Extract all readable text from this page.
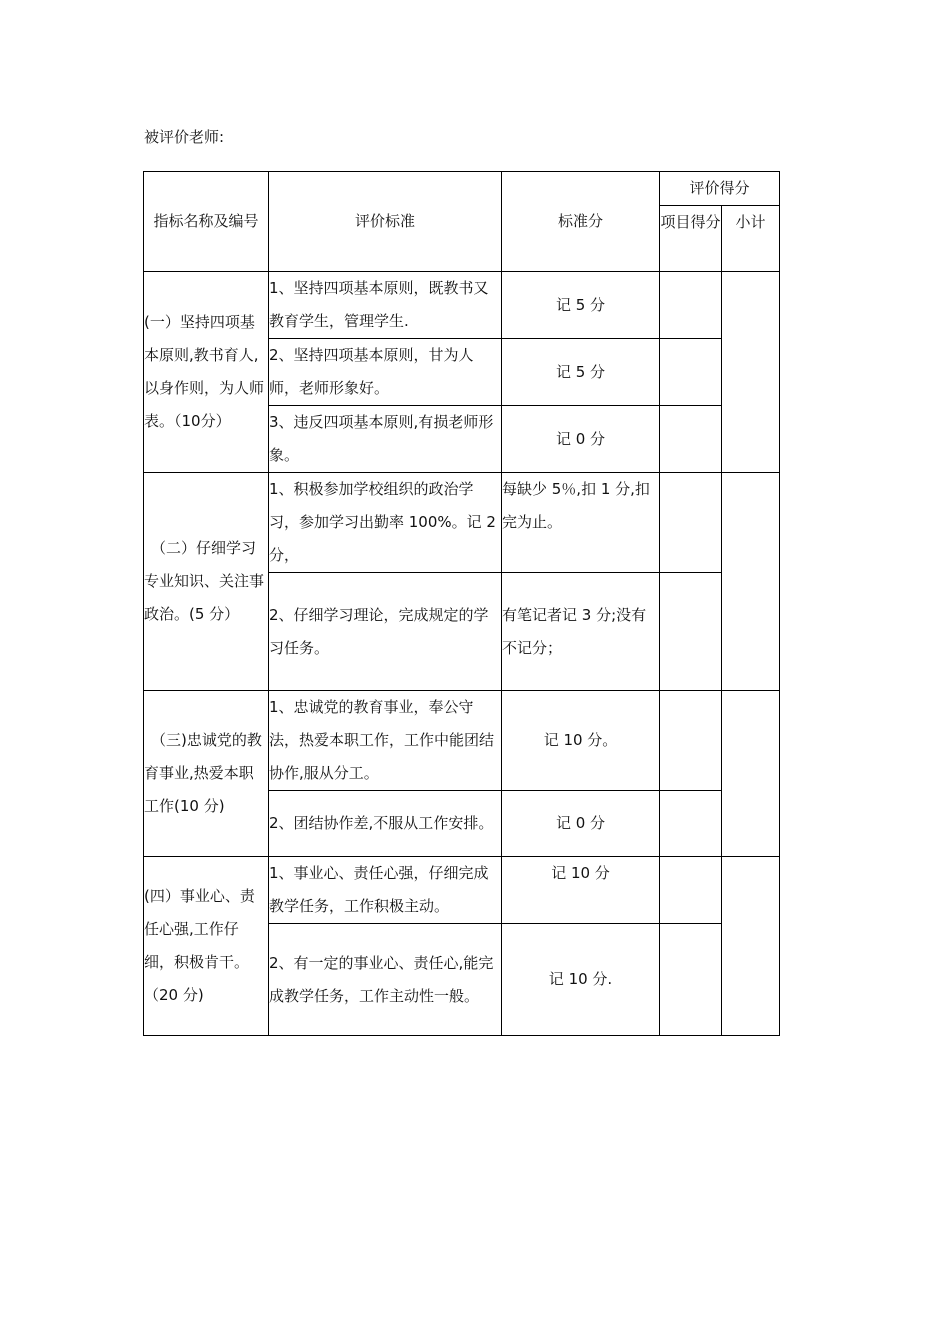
被评价老师:
指标名称及编号	评价标准	标准分	评价得分	
			项目得分	小计
(一）坚持四项基本原则,教书育人,以身作则，为人师表。（10分）	1、坚持四项基本原则，既教书又教育学生，管理学生.	记 5 分		
	2、坚持四项基本原则，甘为人师，老师形象好。	记 5 分		
	3、违反四项基本原则,有损老师形象。	记 0 分		
（二）仔细学习专业知识、关注事政治。(5 分）	1、积极参加学校组织的政治学习，参加学习出勤率 100%。记 2 分，	每缺少 5％,扣 1 分,扣完为止。		
	2、仔细学习理论，完成规定的学习任务。	有笔记者记 3 分;没有不记分；		
（三)忠诚党的教育事业,热爱本职工作(10 分)	1、忠诚党的教育事业，奉公守法，热爱本职工作，工作中能团结协作,服从分工。	记 10 分。		
	2、团结协作差,不服从工作安排。	记 0 分		
(四）事业心、责任心强,工作仔细，积极肯干。（20 分)	1、事业心、责任心强，仔细完成教学任务，工作积极主动。	记 10 分		
	2、有一定的事业心、责任心,能完成教学任务，工作主动性一般。	记 10 分.		
